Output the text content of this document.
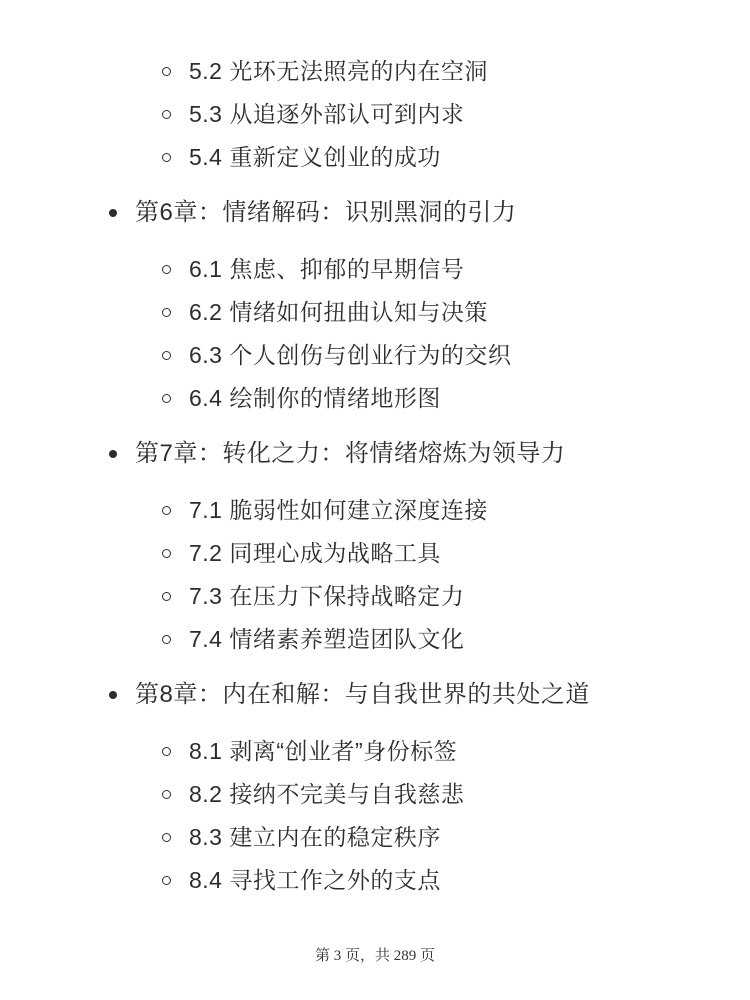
5.2 光环无法照亮的内在空洞
5.3 从追逐外部认可到内求
5.4 重新定义创业的成功
第6章：情绪解码：识别黑洞的引力
6.1 焦虑、抑郁的早期信号
6.2 情绪如何扭曲认知与决策
6.3 个人创伤与创业行为的交织
6.4 绘制你的情绪地形图
第7章：转化之力：将情绪熔炼为领导力
7.1 脆弱性如何建立深度连接
7.2 同理心成为战略工具
7.3 在压力下保持战略定力
7.4 情绪素养塑造团队文化
第8章：内在和解：与自我世界的共处之道
8.1 剥离“创业者”身份标签
8.2 接纳不完美与自我慈悲
8.3 建立内在的稳定秩序
8.4 寻找工作之外的支点
第 3 页，共 289 页
